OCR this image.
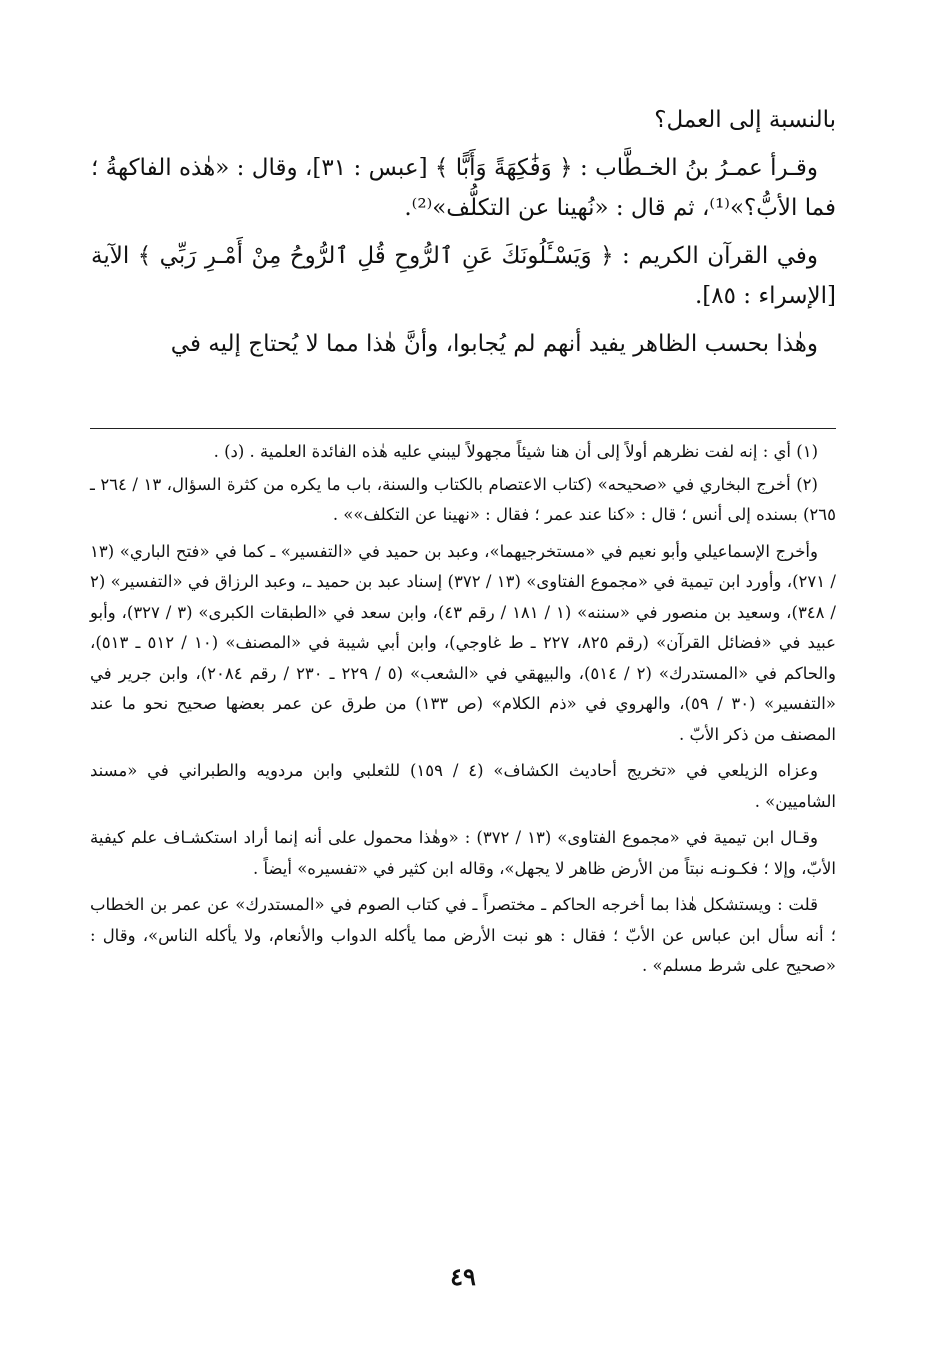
بالنسبة إلى العمل؟

وقـرأ عمـرُ بنُ الخـطَّاب : ﴿ وَفَٰكِهَةً وَأَبًّا ﴾ [عبس : ٣١]، وقال : «هٰذه الفاكهةُ ؛ فما الأبُّ؟»⁽¹⁾، ثم قال : «نُهينا عن التكلُّف»⁽²⁾.

وفي القرآن الكريم : ﴿ وَيَسْـَٔلُونَكَ عَنِ ٱلرُّوحِ قُلِ ٱلرُّوحُ مِنْ أَمْـرِ رَبِّي ﴾ الآية [الإسراء : ٨٥].

وهٰذا بحسب الظاهر يفيد أنهم لم يُجابوا، وأنَّ هٰذا مما لا يُحتاج إليه في

(١) أي : إنه لفت نظرهم أولاً إلى أن هنا شيئاً مجهولاً ليبني عليه هٰذه الفائدة العلمية . (د) .

(٢) أخرج البخاري في «صحيحه» (كتاب الاعتصام بالكتاب والسنة، باب ما يكره من كثرة السؤال، ١٣ / ٢٦٤ ـ ٢٦٥) بسنده إلى أنس ؛ قال : «كنا عند عمر ؛ فقال : «نهينا عن التكلف»» .

وأخرج الإسماعيلي وأبو نعيم في «مستخرجيهما»، وعبد بن حميد في «التفسير» ـ كما في «فتح الباري» (١٣ / ٢٧١)، وأورد ابن تيمية في «مجموع الفتاوى» (١٣ / ٣٧٢) إسناد عبد بن حميد ـ، وعبد الرزاق في «التفسير» (٢ / ٣٤٨)، وسعيد بن منصور في «سننه» (١ / ١٨١ / رقم ٤٣)، وابن سعد في «الطبقات الكبرى» (٣ / ٣٢٧)، وأبو عبيد في «فضائل القرآن» (رقم ٨٢٥، ٢٢٧ ـ ط غاوجي)، وابن أبي شيبة في «المصنف» (١٠ / ٥١٢ ـ ٥١٣)، والحاكم في «المستدرك» (٢ / ٥١٤)، والبيهقي في «الشعب» (٥ / ٢٢٩ ـ ٢٣٠ / رقم ٢٠٨٤)، وابن جرير في «التفسير» (٣٠ / ٥٩)، والهروي في «ذم الكلام» (ص ١٣٣) من طرق عن عمر بعضها صحيح نحو ما عند المصنف من ذكر الأبّ .

وعزاه الزيلعي في «تخريج أحاديث الكشاف» (٤ / ١٥٩) للثعلبي وابن مردويه والطبراني في «مسند الشاميين» .

وقـال ابن تيمية في «مجموع الفتاوى» (١٣ / ٣٧٢) : «وهٰذا محمول على أنه إنما أراد استكشـاف علم كيفية الأبّ، وإلا ؛ فكـونـه نبتاً من الأرض ظاهر لا يجهل»، وقاله ابن كثير في «تفسيره» أيضاً .

قلت : ويستشكل هٰذا بما أخرجه الحاكم ـ مختصراً ـ في كتاب الصوم في «المستدرك» عن عمر بن الخطاب ؛ أنه سأل ابن عباس عن الأبّ ؛ فقال : هو نبت الأرض مما يأكله الدواب والأنعام، ولا يأكله الناس»، وقال : «صحيح على شرط مسلم» .

٤٩
